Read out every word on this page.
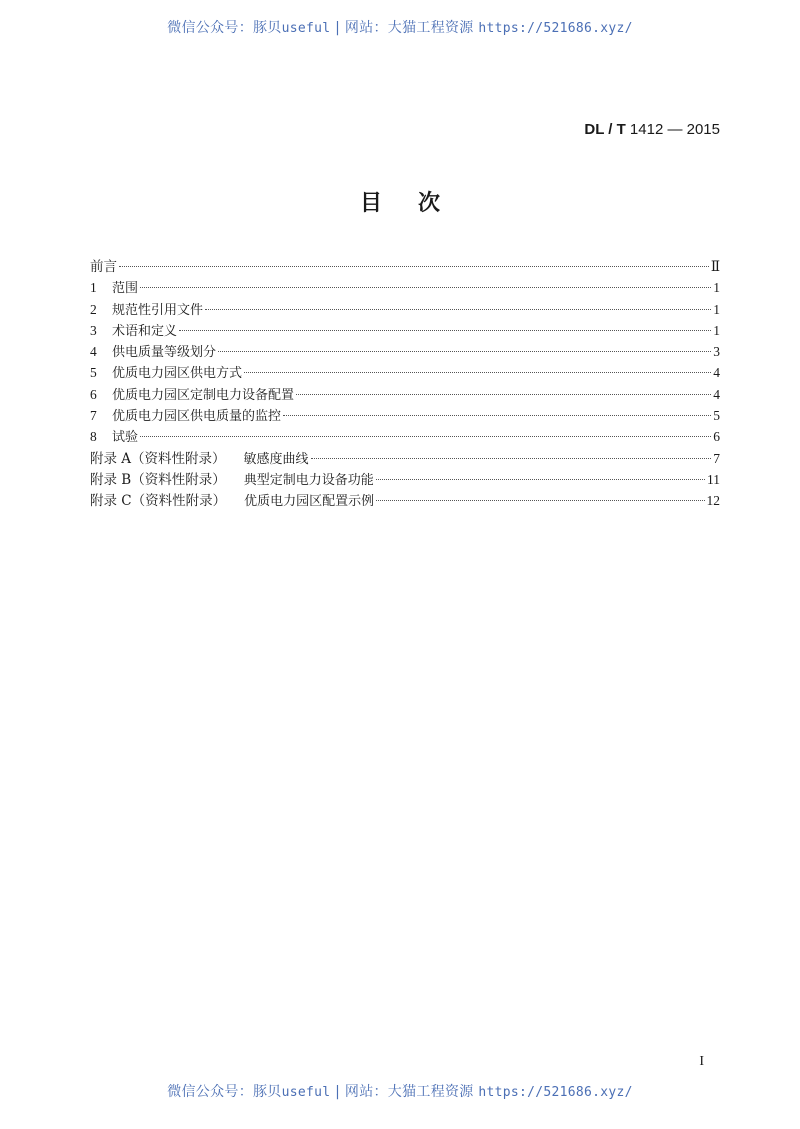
微信公众号：豚贝useful | 网站：大猫工程资源 https://521686.xyz/
DL / T 1412 — 2015
目次
前言	Ⅱ
1	范围	1
2	规范性引用文件	1
3	术语和定义	1
4	供电质量等级划分	3
5	优质电力园区供电方式	4
6	优质电力园区定制电力设备配置	4
7	优质电力园区供电质量的监控	5
8	试验	6
附录 A（资料性附录） 敏感度曲线	7
附录 B（资料性附录） 典型定制电力设备功能	11
附录 C（资料性附录） 优质电力园区配置示例	12
I
微信公众号：豚贝useful | 网站：大猫工程资源 https://521686.xyz/
